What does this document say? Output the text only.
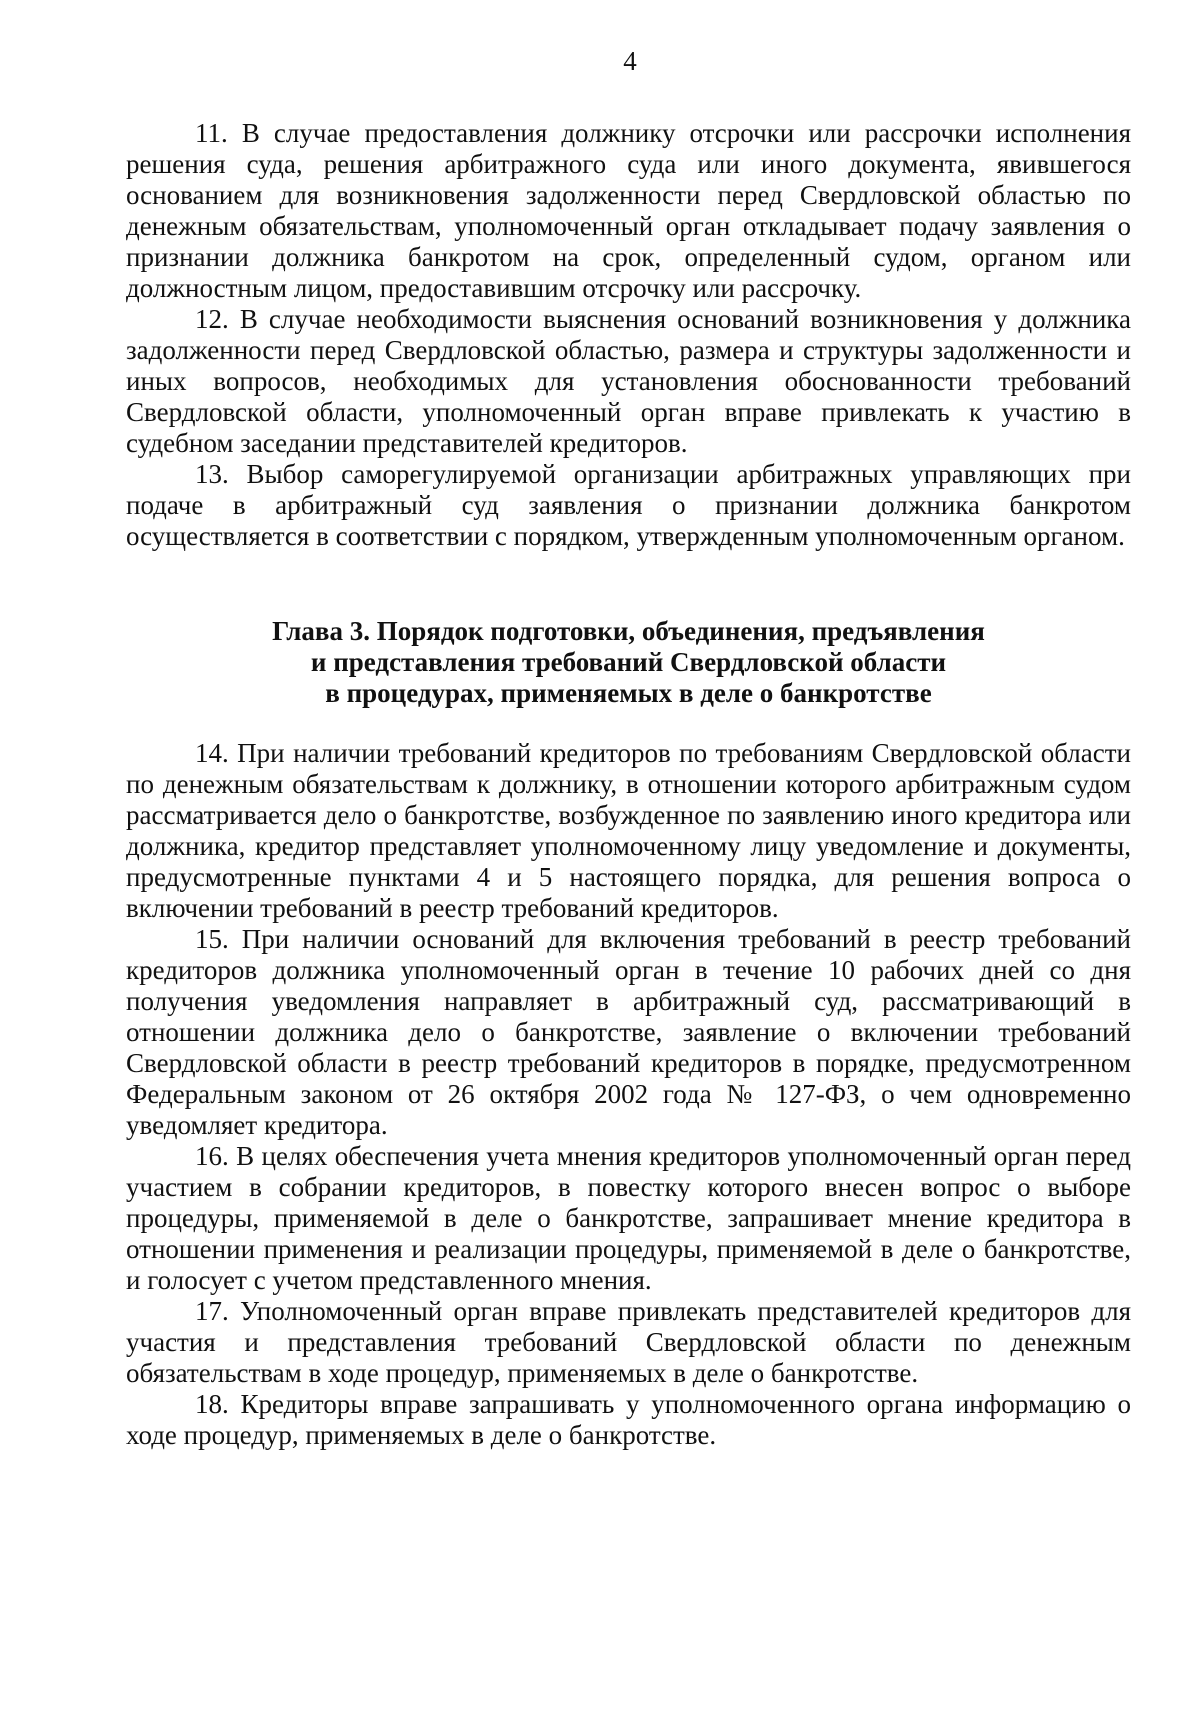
4

11. В случае предоставления должнику отсрочки или рассрочки исполнения решения суда, решения арбитражного суда или иного документа, явившегося основанием для возникновения задолженности перед Свердловской областью по денежным обязательствам, уполномоченный орган откладывает подачу заявления о признании должника банкротом на срок, определенный судом, органом или должностным лицом, предоставившим отсрочку или рассрочку.

12. В случае необходимости выяснения оснований возникновения у должника задолженности перед Свердловской областью, размера и структуры задолженности и иных вопросов, необходимых для установления обоснованности требований Свердловской области, уполномоченный орган вправе привлекать к участию в судебном заседании представителей кредиторов.

13. Выбор саморегулируемой организации арбитражных управляющих при подаче в арбитражный суд заявления о признании должника банкротом осуществляется в соответствии с порядком, утвержденным уполномоченным органом.

Глава 3. Порядок подготовки, объединения, предъявления
и представления требований Свердловской области
в процедурах, применяемых в деле о банкротстве

14. При наличии требований кредиторов по требованиям Свердловской области по денежным обязательствам к должнику, в отношении которого арбитражным судом рассматривается дело о банкротстве, возбужденное по заявлению иного кредитора или должника, кредитор представляет уполномоченному лицу уведомление и документы, предусмотренные пунктами 4 и 5 настоящего порядка, для решения вопроса о включении требований в реестр требований кредиторов.

15. При наличии оснований для включения требований в реестр требований кредиторов должника уполномоченный орган в течение 10 рабочих дней со дня получения уведомления направляет в арбитражный суд, рассматривающий в отношении должника дело о банкротстве, заявление о включении требований Свердловской области в реестр требований кредиторов в порядке, предусмотренном Федеральным законом от 26 октября 2002 года № 127-ФЗ, о чем одновременно уведомляет кредитора.

16. В целях обеспечения учета мнения кредиторов уполномоченный орган перед участием в собрании кредиторов, в повестку которого внесен вопрос о выборе процедуры, применяемой в деле о банкротстве, запрашивает мнение кредитора в отношении применения и реализации процедуры, применяемой в деле о банкротстве, и голосует с учетом представленного мнения.

17. Уполномоченный орган вправе привлекать представителей кредиторов для участия и представления требований Свердловской области по денежным обязательствам в ходе процедур, применяемых в деле о банкротстве.

18. Кредиторы вправе запрашивать у уполномоченного органа информацию о ходе процедур, применяемых в деле о банкротстве.
